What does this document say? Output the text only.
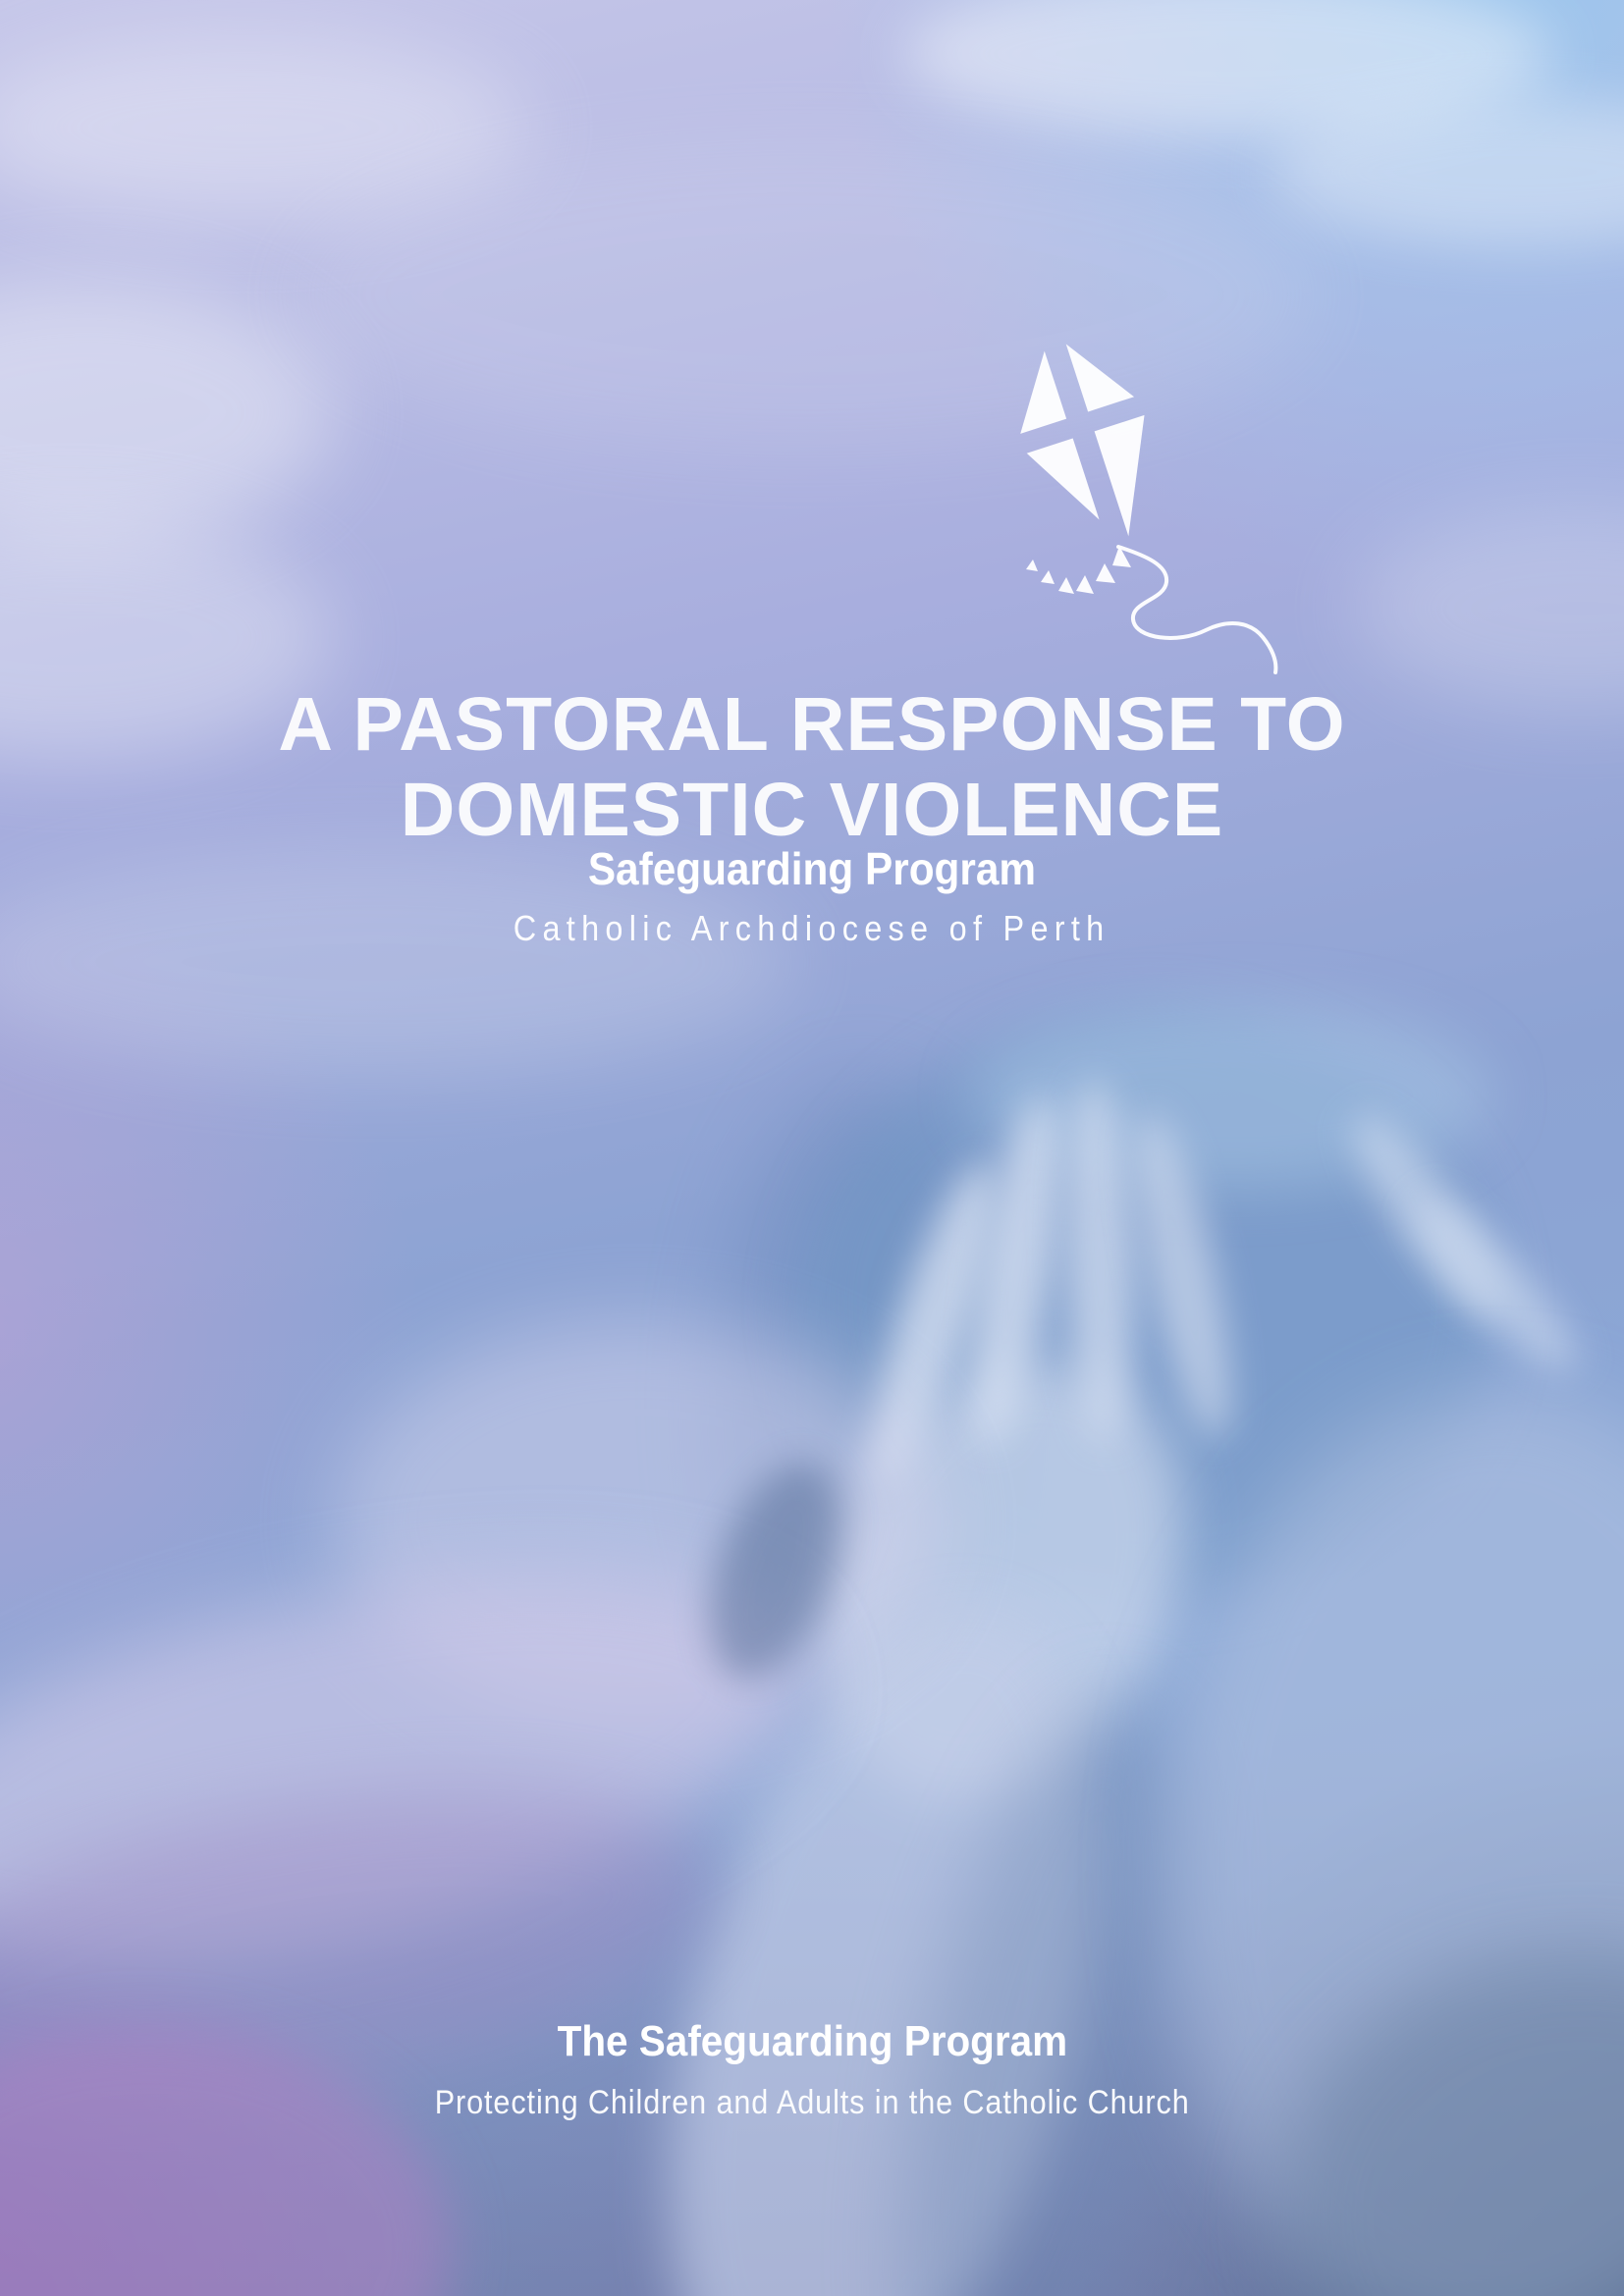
A PASTORAL RESPONSE TO
DOMESTIC VIOLENCE
Safeguarding Program
Catholic Archdiocese of Perth
The Safeguarding Program
Protecting Children and Adults in the Catholic Church
